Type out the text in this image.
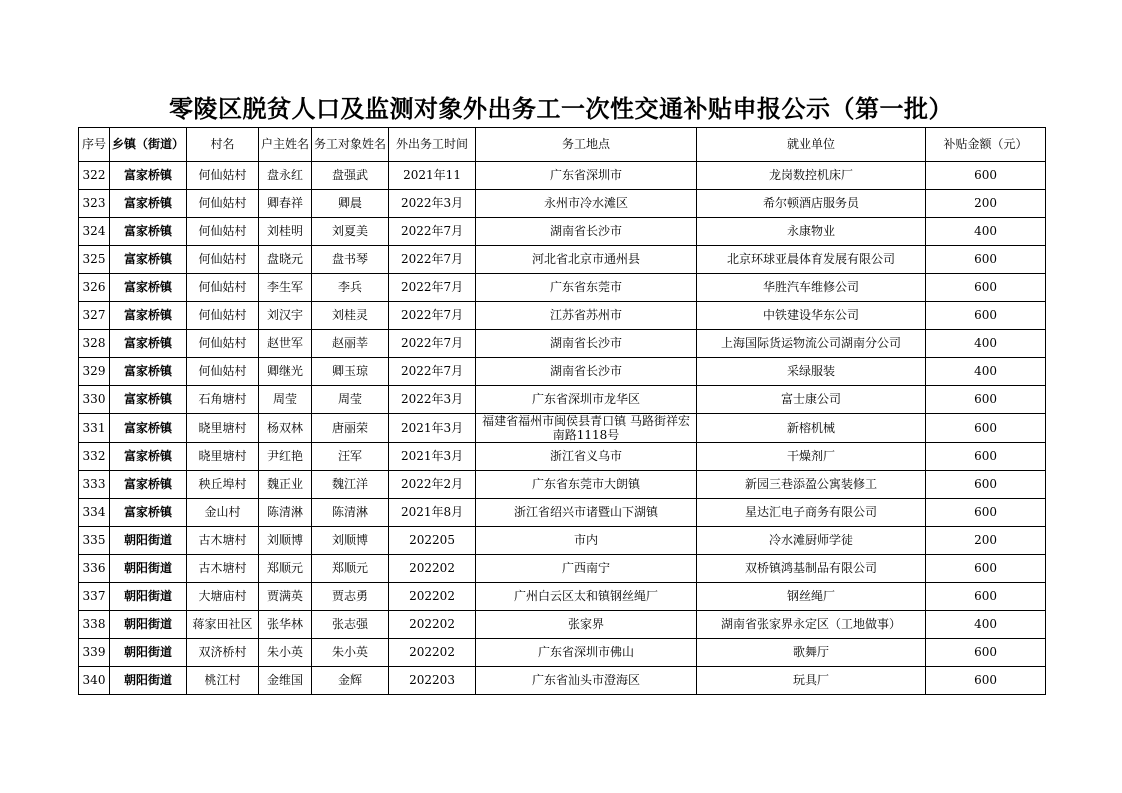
零陵区脱贫人口及监测对象外出务工一次性交通补贴申报公示（第一批）
序号	乡镇（街道）	村名	户主姓名	务工对象姓名	外出务工时间	务工地点	就业单位	补贴金额（元）
322	富家桥镇	何仙姑村	盘永红	盘强武	2021年11	广东省深圳市	龙岗数控机床厂	600
323	富家桥镇	何仙姑村	卿春祥	卿晨	2022年3月	永州市冷水滩区	希尔顿酒店服务员	200
324	富家桥镇	何仙姑村	刘桂明	刘夏美	2022年7月	湖南省长沙市	永康物业	400
325	富家桥镇	何仙姑村	盘晓元	盘书琴	2022年7月	河北省北京市通州县	北京环球亚晨体育发展有限公司	600
326	富家桥镇	何仙姑村	李生军	李兵	2022年7月	广东省东莞市	华胜汽车维修公司	600
327	富家桥镇	何仙姑村	刘汉宇	刘桂灵	2022年7月	江苏省苏州市	中铁建设华东公司	600
328	富家桥镇	何仙姑村	赵世军	赵丽莘	2022年7月	湖南省长沙市	上海国际货运物流公司湖南分公司	400
329	富家桥镇	何仙姑村	卿继光	卿玉琼	2022年7月	湖南省长沙市	采绿服装	400
330	富家桥镇	石角塘村	周莹	周莹	2022年3月	广东省深圳市龙华区	富士康公司	600
331	富家桥镇	晓里塘村	杨双林	唐丽荣	2021年3月	福建省福州市闽侯县青口镇 马路街祥宏南路1118号	新榕机械	600
332	富家桥镇	晓里塘村	尹红艳	汪军	2021年3月	浙江省义乌市	干燥剂厂	600
333	富家桥镇	秧丘埠村	魏正业	魏江洋	2022年2月	广东省东莞市大朗镇	新园三巷添盈公寓装修工	600
334	富家桥镇	金山村	陈清淋	陈清淋	2021年8月	浙江省绍兴市诸暨山下湖镇	星达汇电子商务有限公司	600
335	朝阳街道	古木塘村	刘顺博	刘顺博	202205	市内	冷水滩厨师学徒	200
336	朝阳街道	古木塘村	郑顺元	郑顺元	202202	广西南宁	双桥镇鸿基制品有限公司	600
337	朝阳街道	大塘庙村	贾满英	贾志勇	202202	广州白云区太和镇钢丝绳厂	钢丝绳厂	600
338	朝阳街道	蒋家田社区	张华林	张志强	202202	张家界	湖南省张家界永定区（工地做事）	400
339	朝阳街道	双济桥村	朱小英	朱小英	202202	广东省深圳市佛山	歌舞厅	600
340	朝阳街道	桃江村	金维国	金辉	202203	广东省汕头市澄海区	玩具厂	600
